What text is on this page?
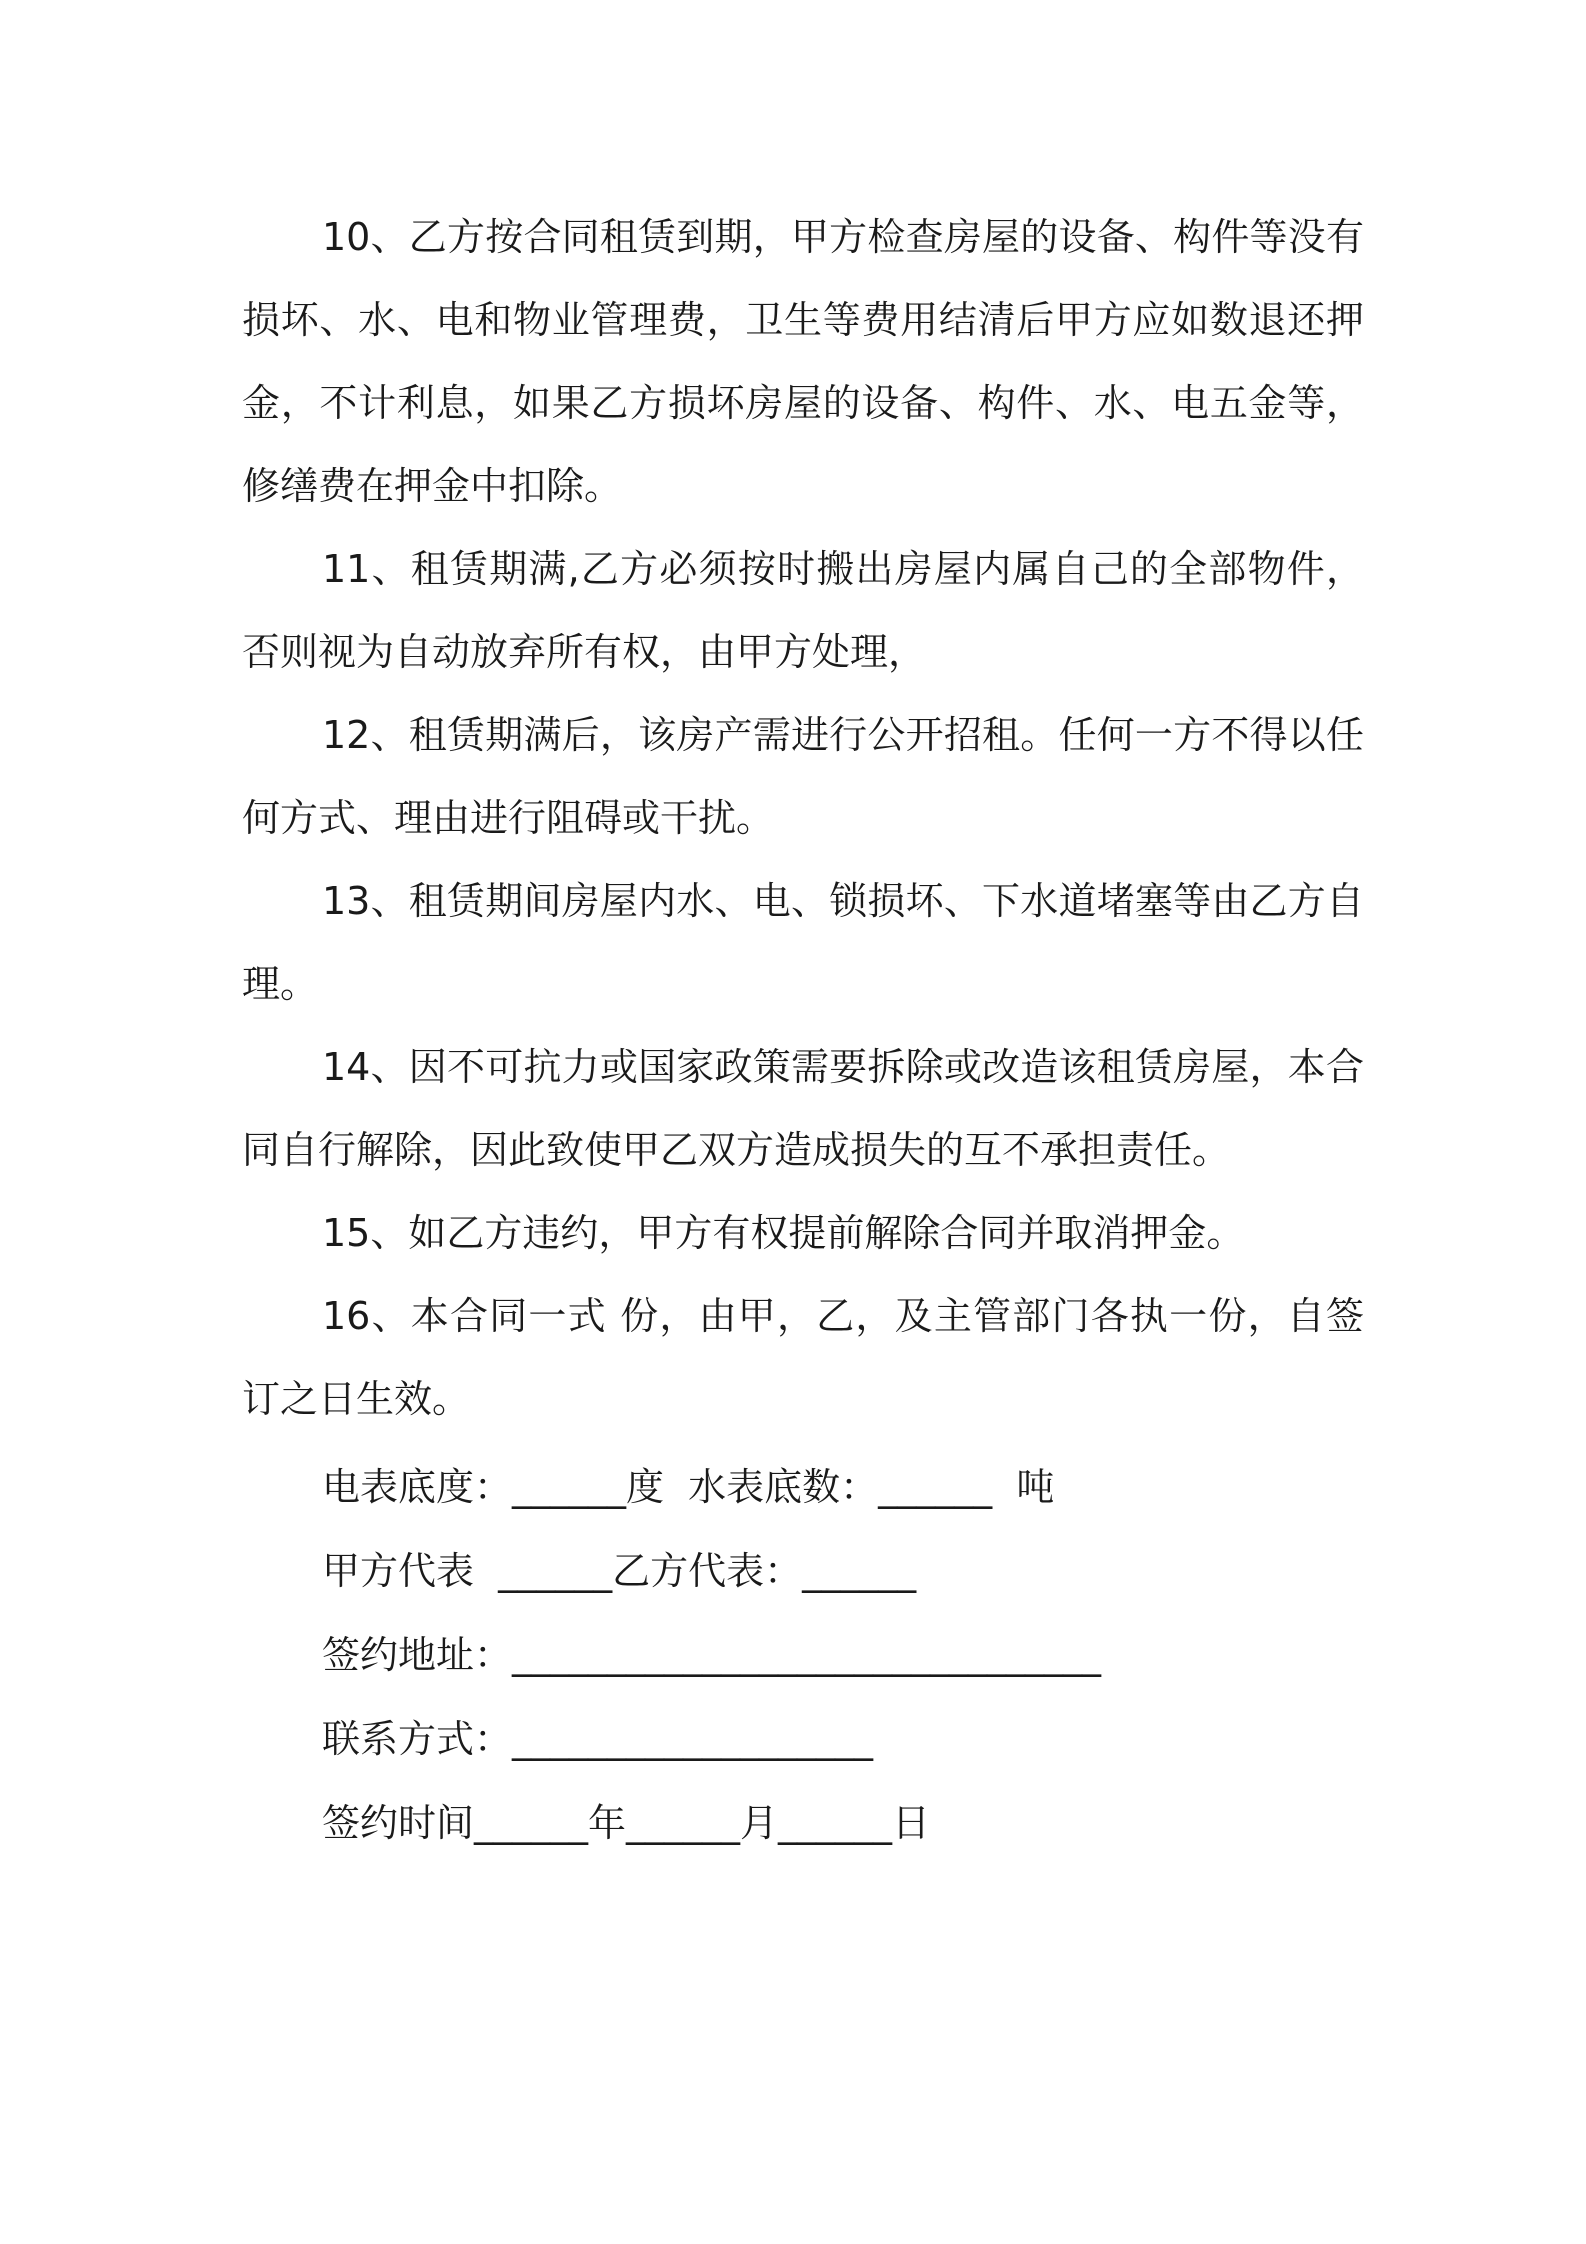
10、乙方按合同租赁到期，甲方检查房屋的设备、构件等没有损坏、水、电和物业管理费，卫生等费用结清后甲方应如数退还押金，不计利息，如果乙方损坏房屋的设备、构件、水、电五金等，修缮费在押金中扣除。

11、租赁期满,乙方必须按时搬出房屋内属自己的全部物件，否则视为自动放弃所有权，由甲方处理，

12、租赁期满后，该房产需进行公开招租。任何一方不得以任何方式、理由进行阻碍或干扰。

13、租赁期间房屋内水、电、锁损坏、下水道堵塞等由乙方自理。

14、因不可抗力或国家政策需要拆除或改造该租赁房屋，本合同自行解除，因此致使甲乙双方造成损失的互不承担责任。

15、如乙方违约，甲方有权提前解除合同并取消押金。

16、本合同一式 份，由甲，乙，及主管部门各执一份，自签订之日生效。

电表底度：______度  水表底数：______  吨

甲方代表  ______乙方代表：______

签约地址：_______________________________

联系方式：___________________

签约时间______年______月______日
